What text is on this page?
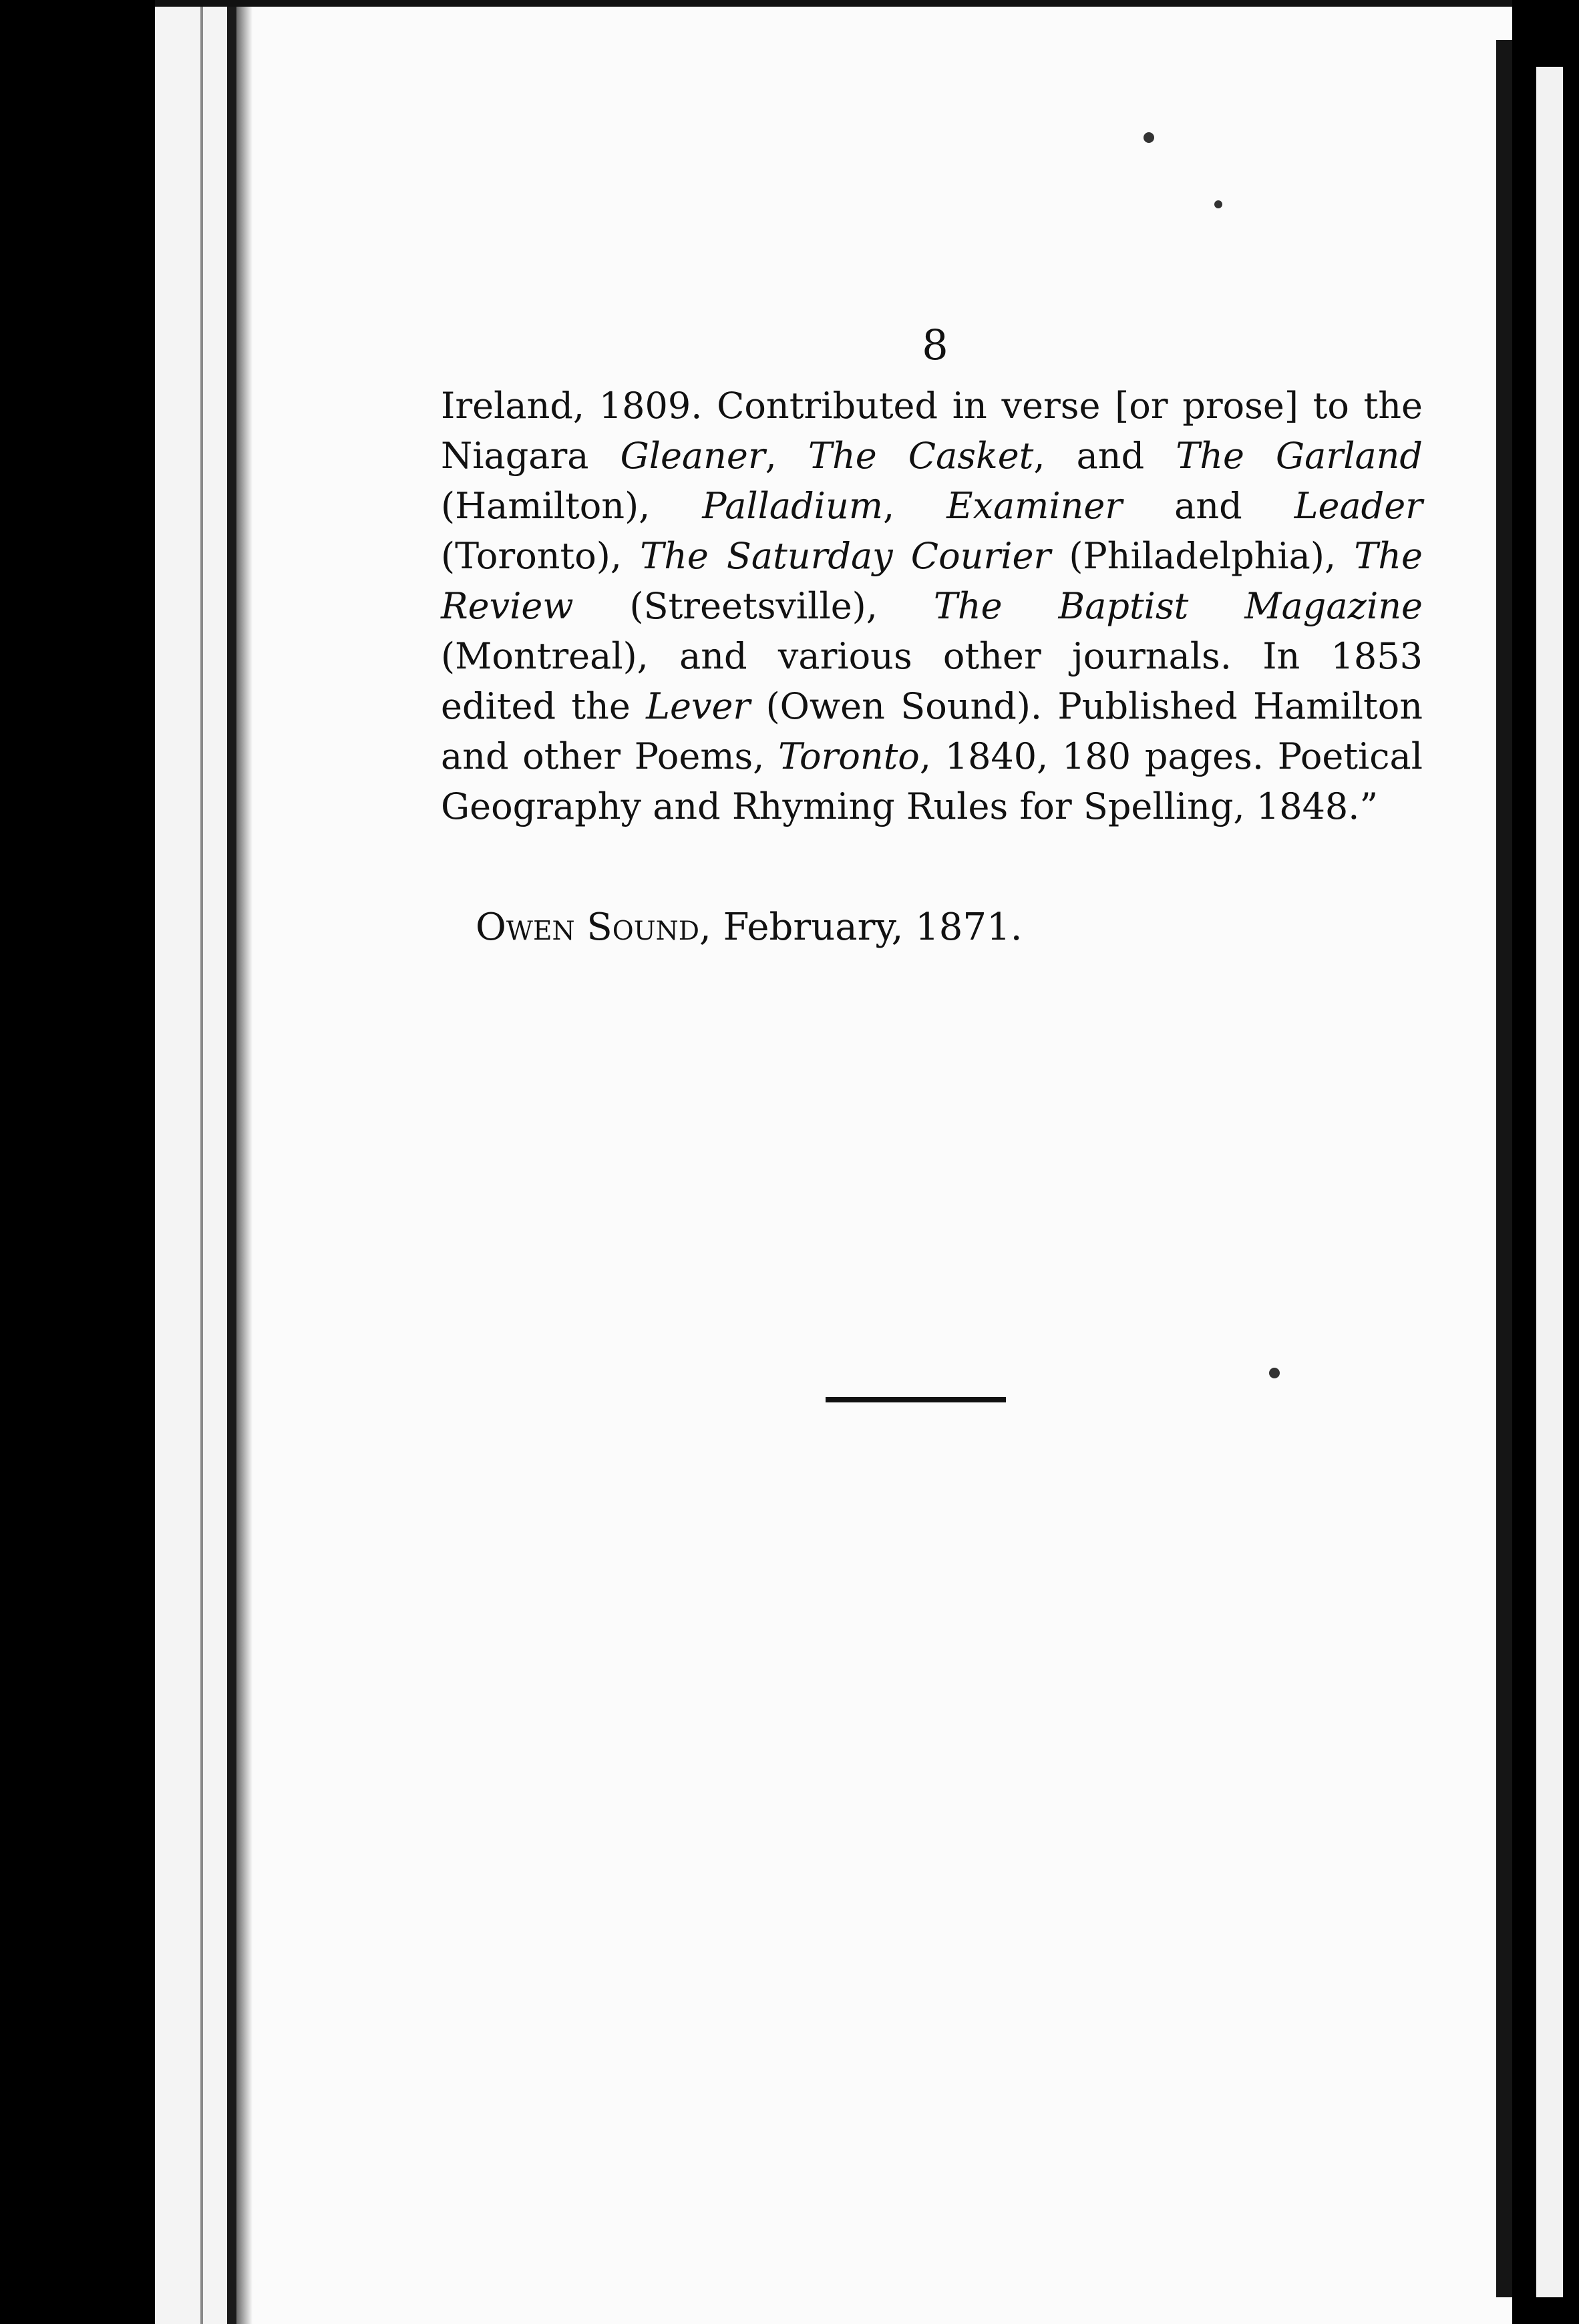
8

Ireland, 1809. Contributed in verse [or prose] to the Niagara Gleaner, The Casket, and The Garland (Hamilton), Palladium, Examiner and Leader (Toronto), The Saturday Courier (Philadelphia), The Review (Streetsville), The Baptist Magazine (Montreal), and various other journals. In 1853 edited the Lever (Owen Sound). Published Hamilton and other Poems, Toronto, 1840, 180 pages. Poetical Geography and Rhyming Rules for Spelling, 1848.”

Owen Sound, February, 1871.
